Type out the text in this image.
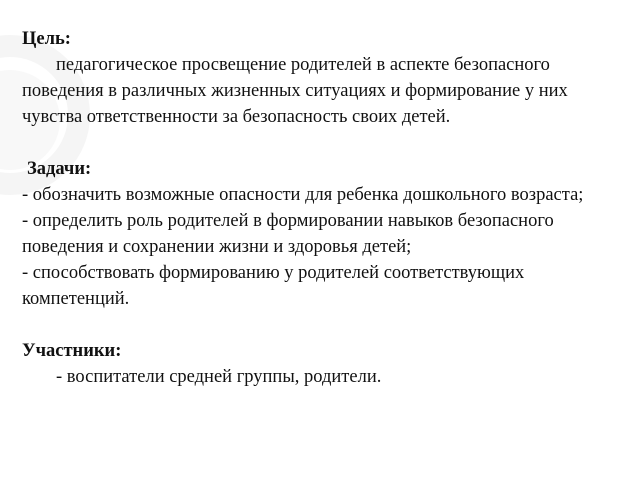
Цель:
педагогическое просвещение родителей в аспекте безопасного поведения в различных жизненных ситуациях и формирование у них чувства ответственности за безопасность своих детей.
Задачи:
- обозначить возможные опасности для ребенка дошкольного возраста;
- определить роль родителей в формировании навыков безопасного поведения и сохранении жизни и здоровья детей;
- способствовать формированию у родителей соответствующих компетенций.
Участники:
- воспитатели средней группы, родители.
